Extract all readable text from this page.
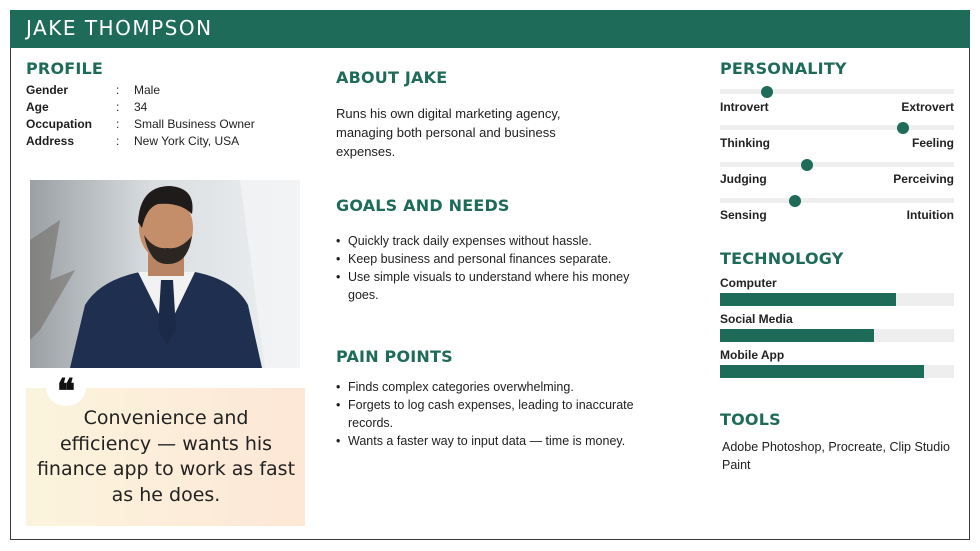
JAKE THOMPSON
PROFILE
Gender	:	Male
Age	:	34
Occupation	:	Small Business Owner
Address	:	New York City, USA
❝
Convenience and efficiency — wants his finance app to work as fast as he does.
ABOUT JAKE
Runs his own digital marketing agency, managing both personal and business expenses.
GOALS AND NEEDS
• Quickly track daily expenses without hassle.
• Keep business and personal finances separate.
• Use simple visuals to understand where his money goes.
PAIN POINTS
• Finds complex categories overwhelming.
• Forgets to log cash expenses, leading to inaccurate records.
• Wants a faster way to input data — time is money.
PERSONALITY
Introvert	Extrovert
Thinking	Feeling
Judging	Perceiving
Sensing	Intuition
TECHNOLOGY
Computer
Social Media
Mobile App
TOOLS
Adobe Photoshop, Procreate, Clip Studio Paint
